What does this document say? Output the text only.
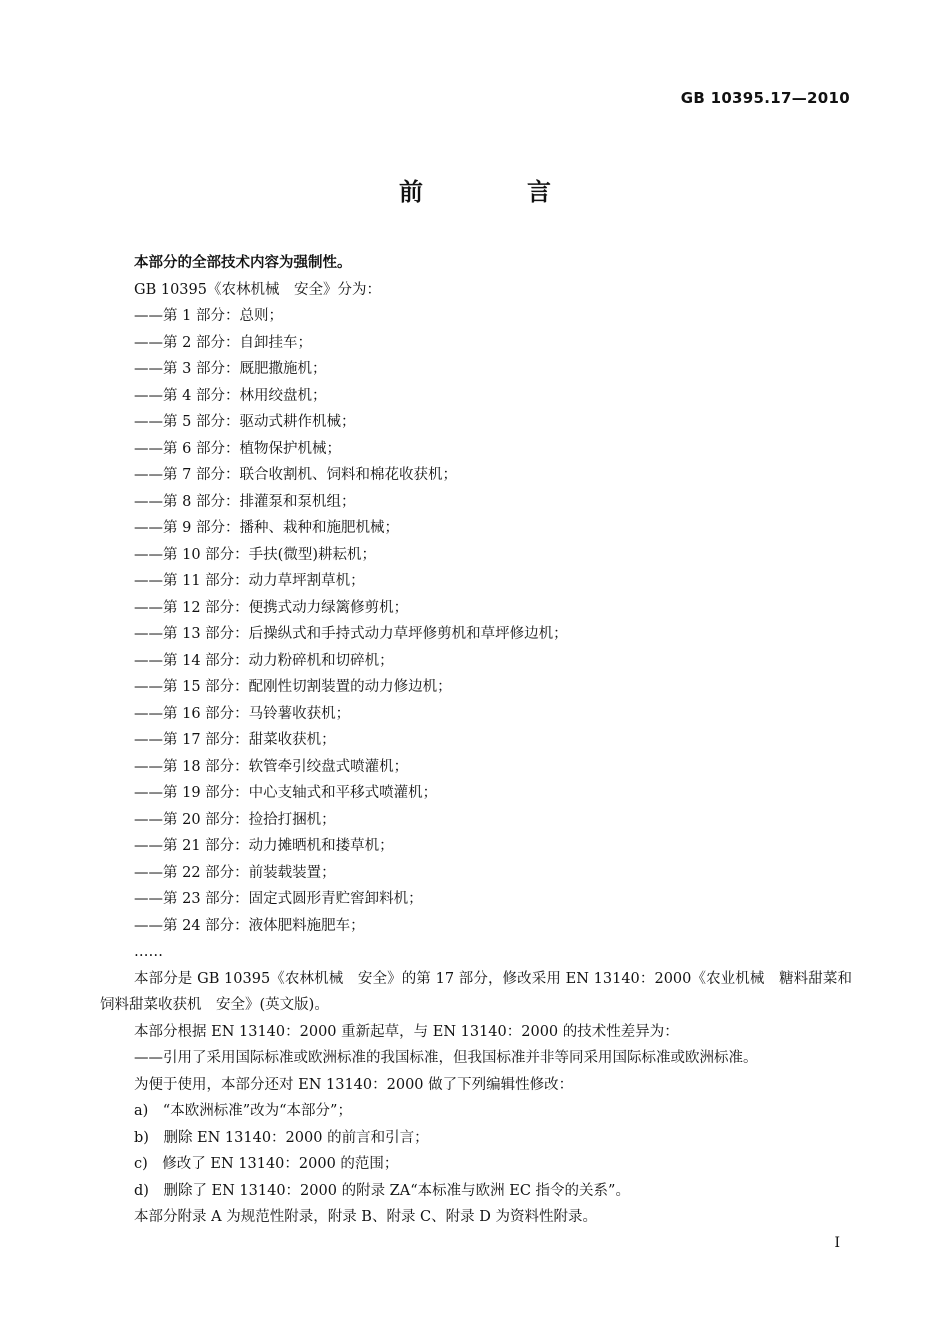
GB 10395.17—2010
前　言
本部分的全部技术内容为强制性。
GB 10395《农林机械　安全》分为：
——第 1 部分：总则；
——第 2 部分：自卸挂车；
——第 3 部分：厩肥撒施机；
——第 4 部分：林用绞盘机；
——第 5 部分：驱动式耕作机械；
——第 6 部分：植物保护机械；
——第 7 部分：联合收割机、饲料和棉花收获机；
——第 8 部分：排灌泵和泵机组；
——第 9 部分：播种、栽种和施肥机械；
——第 10 部分：手扶(微型)耕耘机；
——第 11 部分：动力草坪割草机；
——第 12 部分：便携式动力绿篱修剪机；
——第 13 部分：后操纵式和手持式动力草坪修剪机和草坪修边机；
——第 14 部分：动力粉碎机和切碎机；
——第 15 部分：配刚性切割装置的动力修边机；
——第 16 部分：马铃薯收获机；
——第 17 部分：甜菜收获机；
——第 18 部分：软管牵引绞盘式喷灌机；
——第 19 部分：中心支轴式和平移式喷灌机；
——第 20 部分：捡拾打捆机；
——第 21 部分：动力摊晒机和搂草机；
——第 22 部分：前装载装置；
——第 23 部分：固定式圆形青贮窖卸料机；
——第 24 部分：液体肥料施肥车；
……
本部分是 GB 10395《农林机械　安全》的第 17 部分，修改采用 EN 13140：2000《农业机械　糖料甜菜和饲料甜菜收获机　安全》(英文版)。
本部分根据 EN 13140：2000 重新起草，与 EN 13140：2000 的技术性差异为：
——引用了采用国际标准或欧洲标准的我国标准，但我国标准并非等同采用国际标准或欧洲标准。
为便于使用，本部分还对 EN 13140：2000 做了下列编辑性修改：
a)　“本欧洲标准”改为“本部分”；
b)　删除 EN 13140：2000 的前言和引言；
c)　修改了 EN 13140：2000 的范围；
d)　删除了 EN 13140：2000 的附录 ZA“本标准与欧洲 EC 指令的关系”。
本部分附录 A 为规范性附录，附录 B、附录 C、附录 D 为资料性附录。
I
